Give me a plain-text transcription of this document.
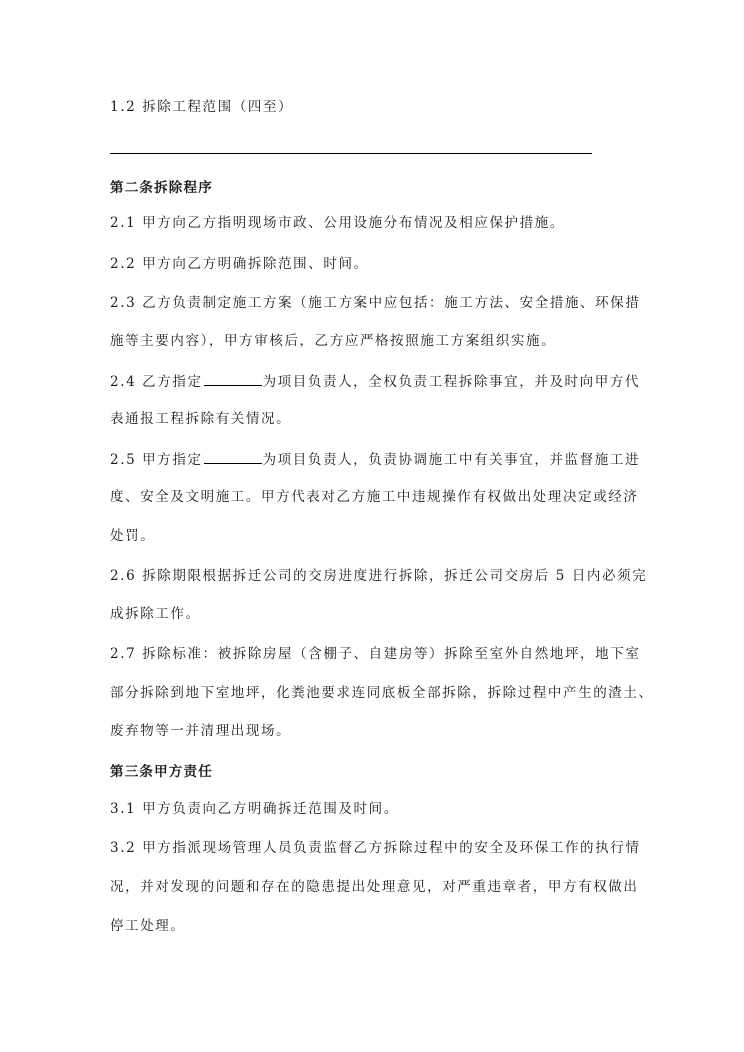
1.2 拆除工程范围（四至）
第二条拆除程序
2.1 甲方向乙方指明现场市政、公用设施分布情况及相应保护措施。
2.2 甲方向乙方明确拆除范围、时间。
2.3 乙方负责制定施工方案（施工方案中应包括：施工方法、安全措施、环保措
施等主要内容），甲方审核后，乙方应严格按照施工方案组织实施。
2.4 乙方指定	为项目负责人，全权负责工程拆除事宜，并及时向甲方代
表通报工程拆除有关情况。
2.5 甲方指定	为项目负责人，负责协调施工中有关事宜，并监督施工进
度、安全及文明施工。甲方代表对乙方施工中违规操作有权做出处理决定或经济
处罚。
2.6 拆除期限根据拆迁公司的交房进度进行拆除，拆迁公司交房后 5 日内必须完
成拆除工作。
2.7 拆除标准：被拆除房屋（含棚子、自建房等）拆除至室外自然地坪，地下室
部分拆除到地下室地坪，化粪池要求连同底板全部拆除，拆除过程中产生的渣土、
废弃物等一并清理出现场。
第三条甲方责任
3.1 甲方负责向乙方明确拆迁范围及时间。
3.2 甲方指派现场管理人员负责监督乙方拆除过程中的安全及环保工作的执行情
况，并对发现的问题和存在的隐患提出处理意见，对严重违章者，甲方有权做出
停工处理。
